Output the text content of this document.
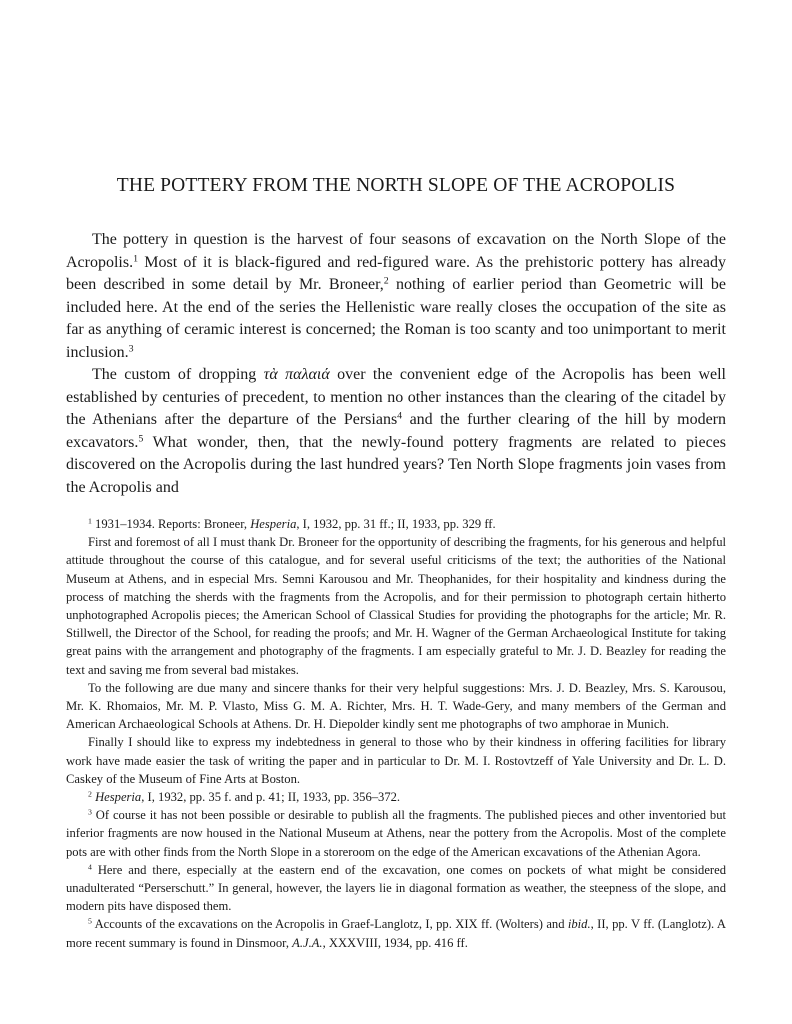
THE POTTERY FROM THE NORTH SLOPE OF THE ACROPOLIS

The pottery in question is the harvest of four seasons of excavation on the North Slope of the Acropolis.$^1$ Most of it is black-figured and red-figured ware. As the prehistoric pottery has already been described in some detail by Mr. Broneer,$^2$ nothing of earlier period than Geometric will be included here. At the end of the series the Hellenistic ware really closes the occupation of the site as far as anything of ceramic interest is concerned; the Roman is too scanty and too unimportant to merit inclusion.$^3$

The custom of dropping τὰ παλαιά over the convenient edge of the Acropolis has been well established by centuries of precedent, to mention no other instances than the clearing of the citadel by the Athenians after the departure of the Persians$^4$ and the further clearing of the hill by modern excavators.$^5$ What wonder, then, that the newly-found pottery fragments are related to pieces discovered on the Acropolis during the last hundred years? Ten North Slope fragments join vases from the Acropolis and

$^1$ 1931–1934. Reports: Broneer, Hesperia, I, 1932, pp. 31 ff.; II, 1933, pp. 329 ff.

First and foremost of all I must thank Dr. Broneer for the opportunity of describing the fragments, for his generous and helpful attitude throughout the course of this catalogue, and for several useful criticisms of the text; the authorities of the National Museum at Athens, and in especial Mrs. Semni Karousou and Mr. Theophanides, for their hospitality and kindness during the process of matching the sherds with the fragments from the Acropolis, and for their permission to photograph certain hitherto unphotographed Acropolis pieces; the American School of Classical Studies for providing the photographs for the article; Mr. R. Stillwell, the Director of the School, for reading the proofs; and Mr. H. Wagner of the German Archaeological Institute for taking great pains with the arrangement and photography of the fragments. I am especially grateful to Mr. J. D. Beazley for reading the text and saving me from several bad mistakes.

To the following are due many and sincere thanks for their very helpful suggestions: Mrs. J. D. Beazley, Mrs. S. Karousou, Mr. K. Rhomaios, Mr. M. P. Vlasto, Miss G. M. A. Richter, Mrs. H. T. Wade-Gery, and many members of the German and American Archaeological Schools at Athens. Dr. H. Diepolder kindly sent me photographs of two amphorae in Munich.

Finally I should like to express my indebtedness in general to those who by their kindness in offering facilities for library work have made easier the task of writing the paper and in particular to Dr. M. I. Rostovtzeff of Yale University and Dr. L. D. Caskey of the Museum of Fine Arts at Boston.

$^2$ Hesperia, I, 1932, pp. 35 f. and p. 41; II, 1933, pp. 356–372.

$^3$ Of course it has not been possible or desirable to publish all the fragments. The published pieces and other inventoried but inferior fragments are now housed in the National Museum at Athens, near the pottery from the Acropolis. Most of the complete pots are with other finds from the North Slope in a storeroom on the edge of the American excavations of the Athenian Agora.

$^4$ Here and there, especially at the eastern end of the excavation, one comes on pockets of what might be considered unadulterated “Perserschutt.” In general, however, the layers lie in diagonal formation as weather, the steepness of the slope, and modern pits have disposed them.

$^5$ Accounts of the excavations on the Acropolis in Graef-Langlotz, I, pp. XIX ff. (Wolters) and ibid., II, pp. V ff. (Langlotz). A more recent summary is found in Dinsmoor, A.J.A., XXXVIII, 1934, pp. 416 ff.
